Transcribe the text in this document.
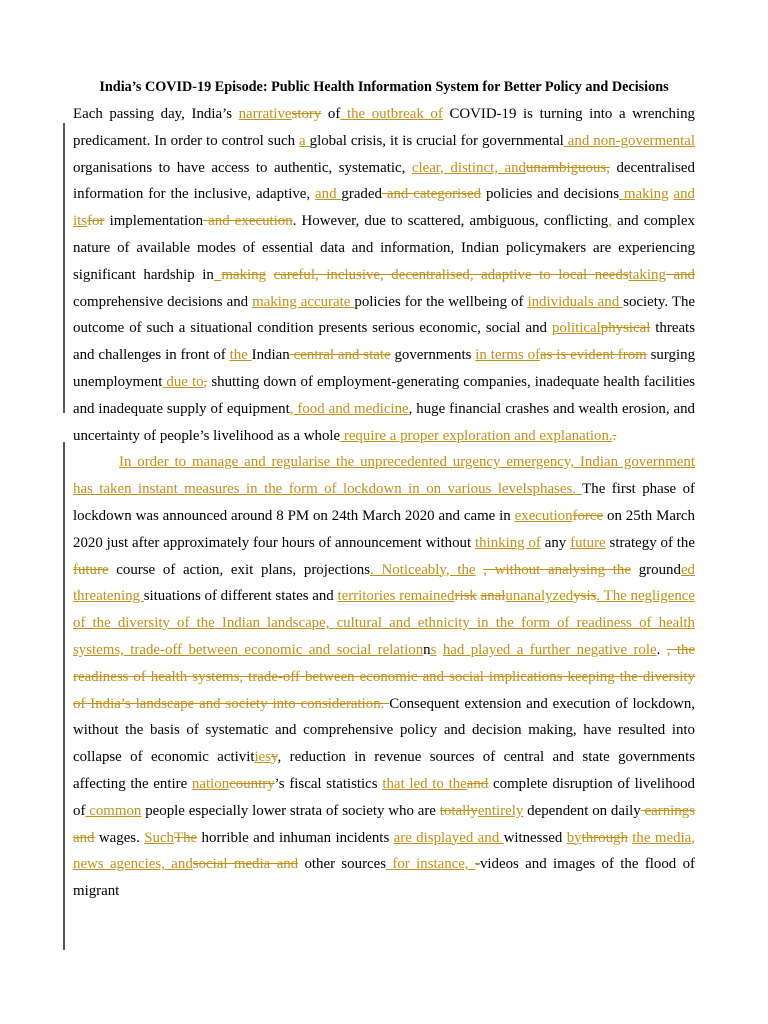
India’s COVID-19 Episode: Public Health Information System for Better Policy and Decisions

Each passing day, India’s narrativestory of the outbreak of COVID-19 is turning into a wrenching predicament. In order to control such a global crisis, it is crucial for governmental and non-govermental organisations to have access to authentic, systematic, clear, distinct, andunambiguous, decentralised information for the inclusive, adaptive, and graded and categorised policies and decisions making and itsfor implementation and execution. However, due to scattered, ambiguous, conflicting, and complex nature of available modes of essential data and information, Indian policymakers are experiencing significant hardship in making careful, inclusive, decentralised, adaptive to local needstaking and comprehensive decisions and making accurate policies for the wellbeing of individuals and society. The outcome of such a situational condition presents serious economic, social and politicalphysical threats and challenges in front of the Indian central and state governments in terms ofas is evident from surging unemployment due to, shutting down of employment-generating companies, inadequate health facilities and inadequate supply of equipment, food and medicine, huge financial crashes and wealth erosion, and uncertainty of people’s livelihood as a whole require a proper exploration and explanation..

In order to manage and regularise the unprecedented urgency emergency, Indian government has taken instant measures in the form of lockdown in on various levelsphases. The first phase of lockdown was announced around 8 PM on 24th March 2020 and came in executionforce on 25th March 2020 just after approximately four hours of announcement without thinking of any future strategy of the future course of action, exit plans, projections. Noticeably, the , without analysing the grounded threatening situations of different states and territories remainedrisk analunanalyzedysis. The negligence of the diversity of the Indian landscape, cultural and ethnicity in the form of readiness of health systems, trade-off between economic and social relationns had played a further negative role. , the readiness of health systems, trade-off between economic and social implications keeping the diversity of India’s landscape and society into consideration. Consequent extension and execution of lockdown, without the basis of systematic and comprehensive policy and decision making, have resulted into collapse of economic activitiesy, reduction in revenue sources of central and state governments affecting the entire nationcountry’s fiscal statistics that led to theand complete disruption of livelihood of common people especially lower strata of society who are totallyentirely dependent on daily earnings and wages. SuchThe horrible and inhuman incidents are displayed and witnessed bythrough the media, news agencies, andsocial media and other sources for instance, -videos and images of the flood of migrant
